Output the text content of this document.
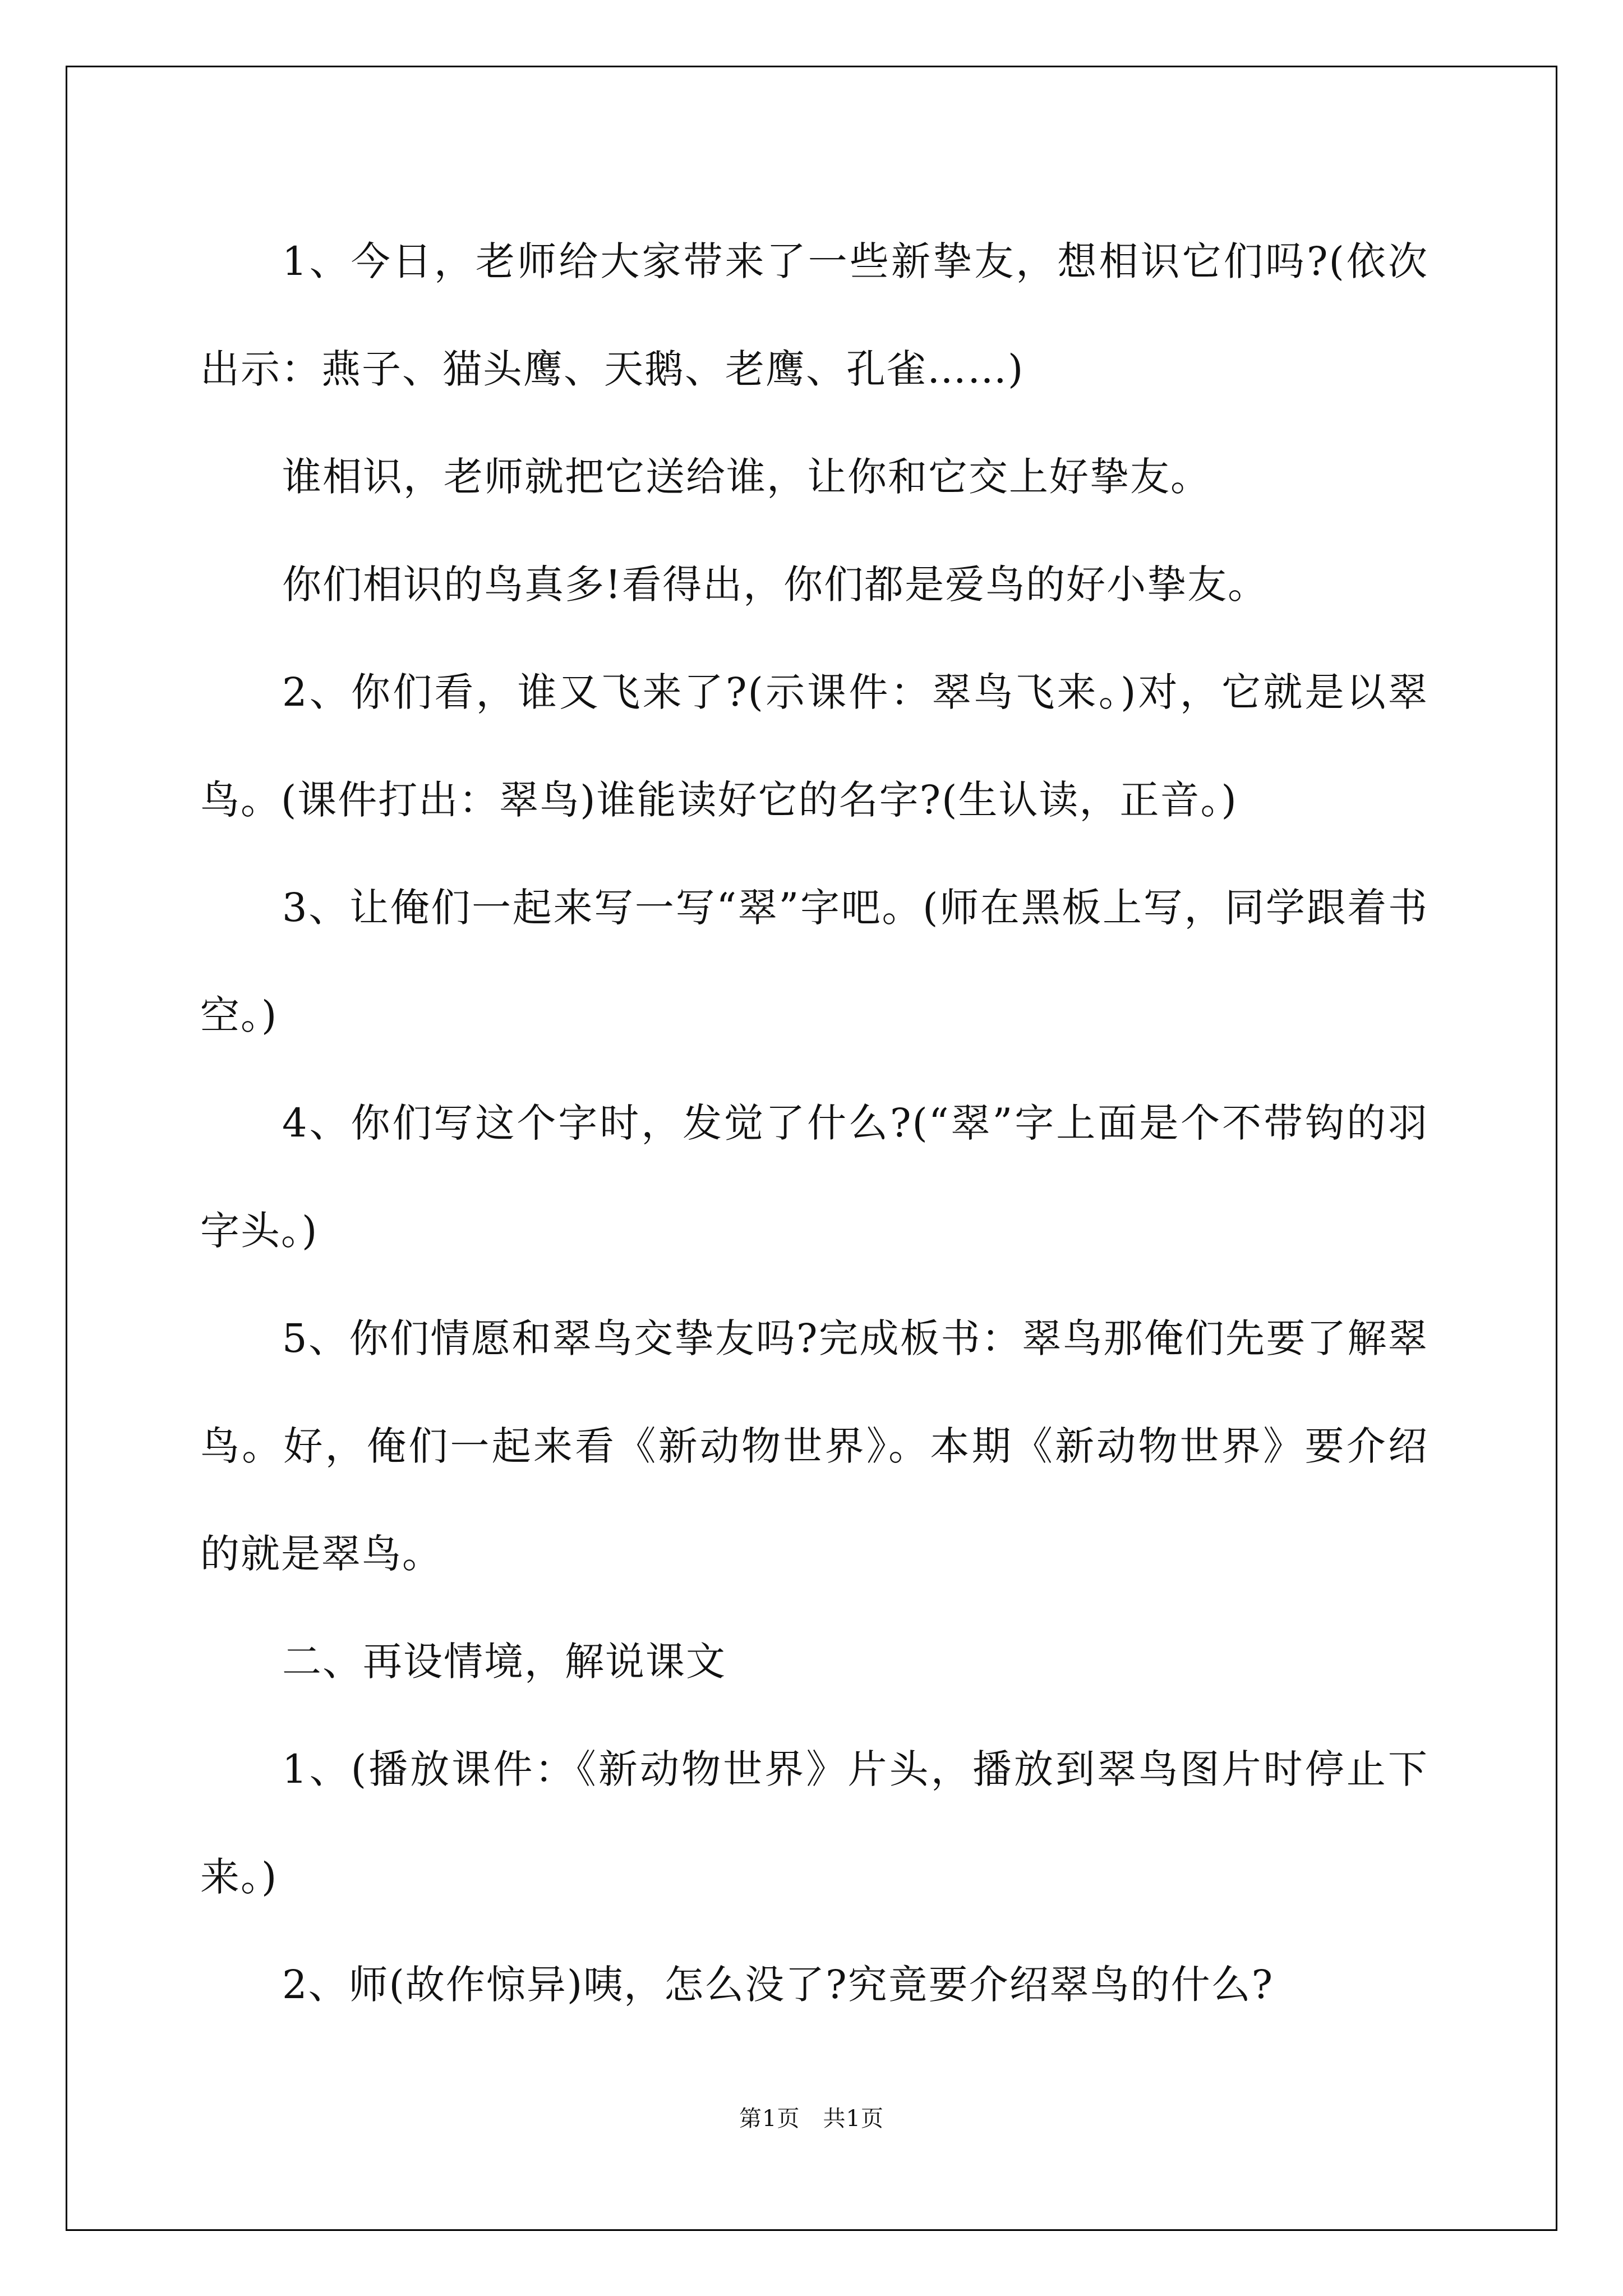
1、今日，老师给大家带来了一些新挚友，想相识它们吗?(依次出示：燕子、猫头鹰、天鹅、老鹰、孔雀……)

谁相识，老师就把它送给谁，让你和它交上好挚友。

你们相识的鸟真多!看得出，你们都是爱鸟的好小挚友。

2、你们看，谁又飞来了?(示课件：翠鸟飞来。)对，它就是以翠鸟。(课件打出：翠鸟)谁能读好它的名字?(生认读，正音。)

3、让俺们一起来写一写“翠”字吧。(师在黑板上写，同学跟着书空。)

4、你们写这个字时，发觉了什么?(“翠”字上面是个不带钩的羽字头。)

5、你们情愿和翠鸟交挚友吗?完成板书：翠鸟那俺们先要了解翠鸟。好，俺们一起来看《新动物世界》。本期《新动物世界》要介绍的就是翠鸟。

二、再设情境，解说课文

1、(播放课件：《新动物世界》片头，播放到翠鸟图片时停止下来。)

2、师(故作惊异)咦，怎么没了?究竟要介绍翠鸟的什么?

第1页　共1页
